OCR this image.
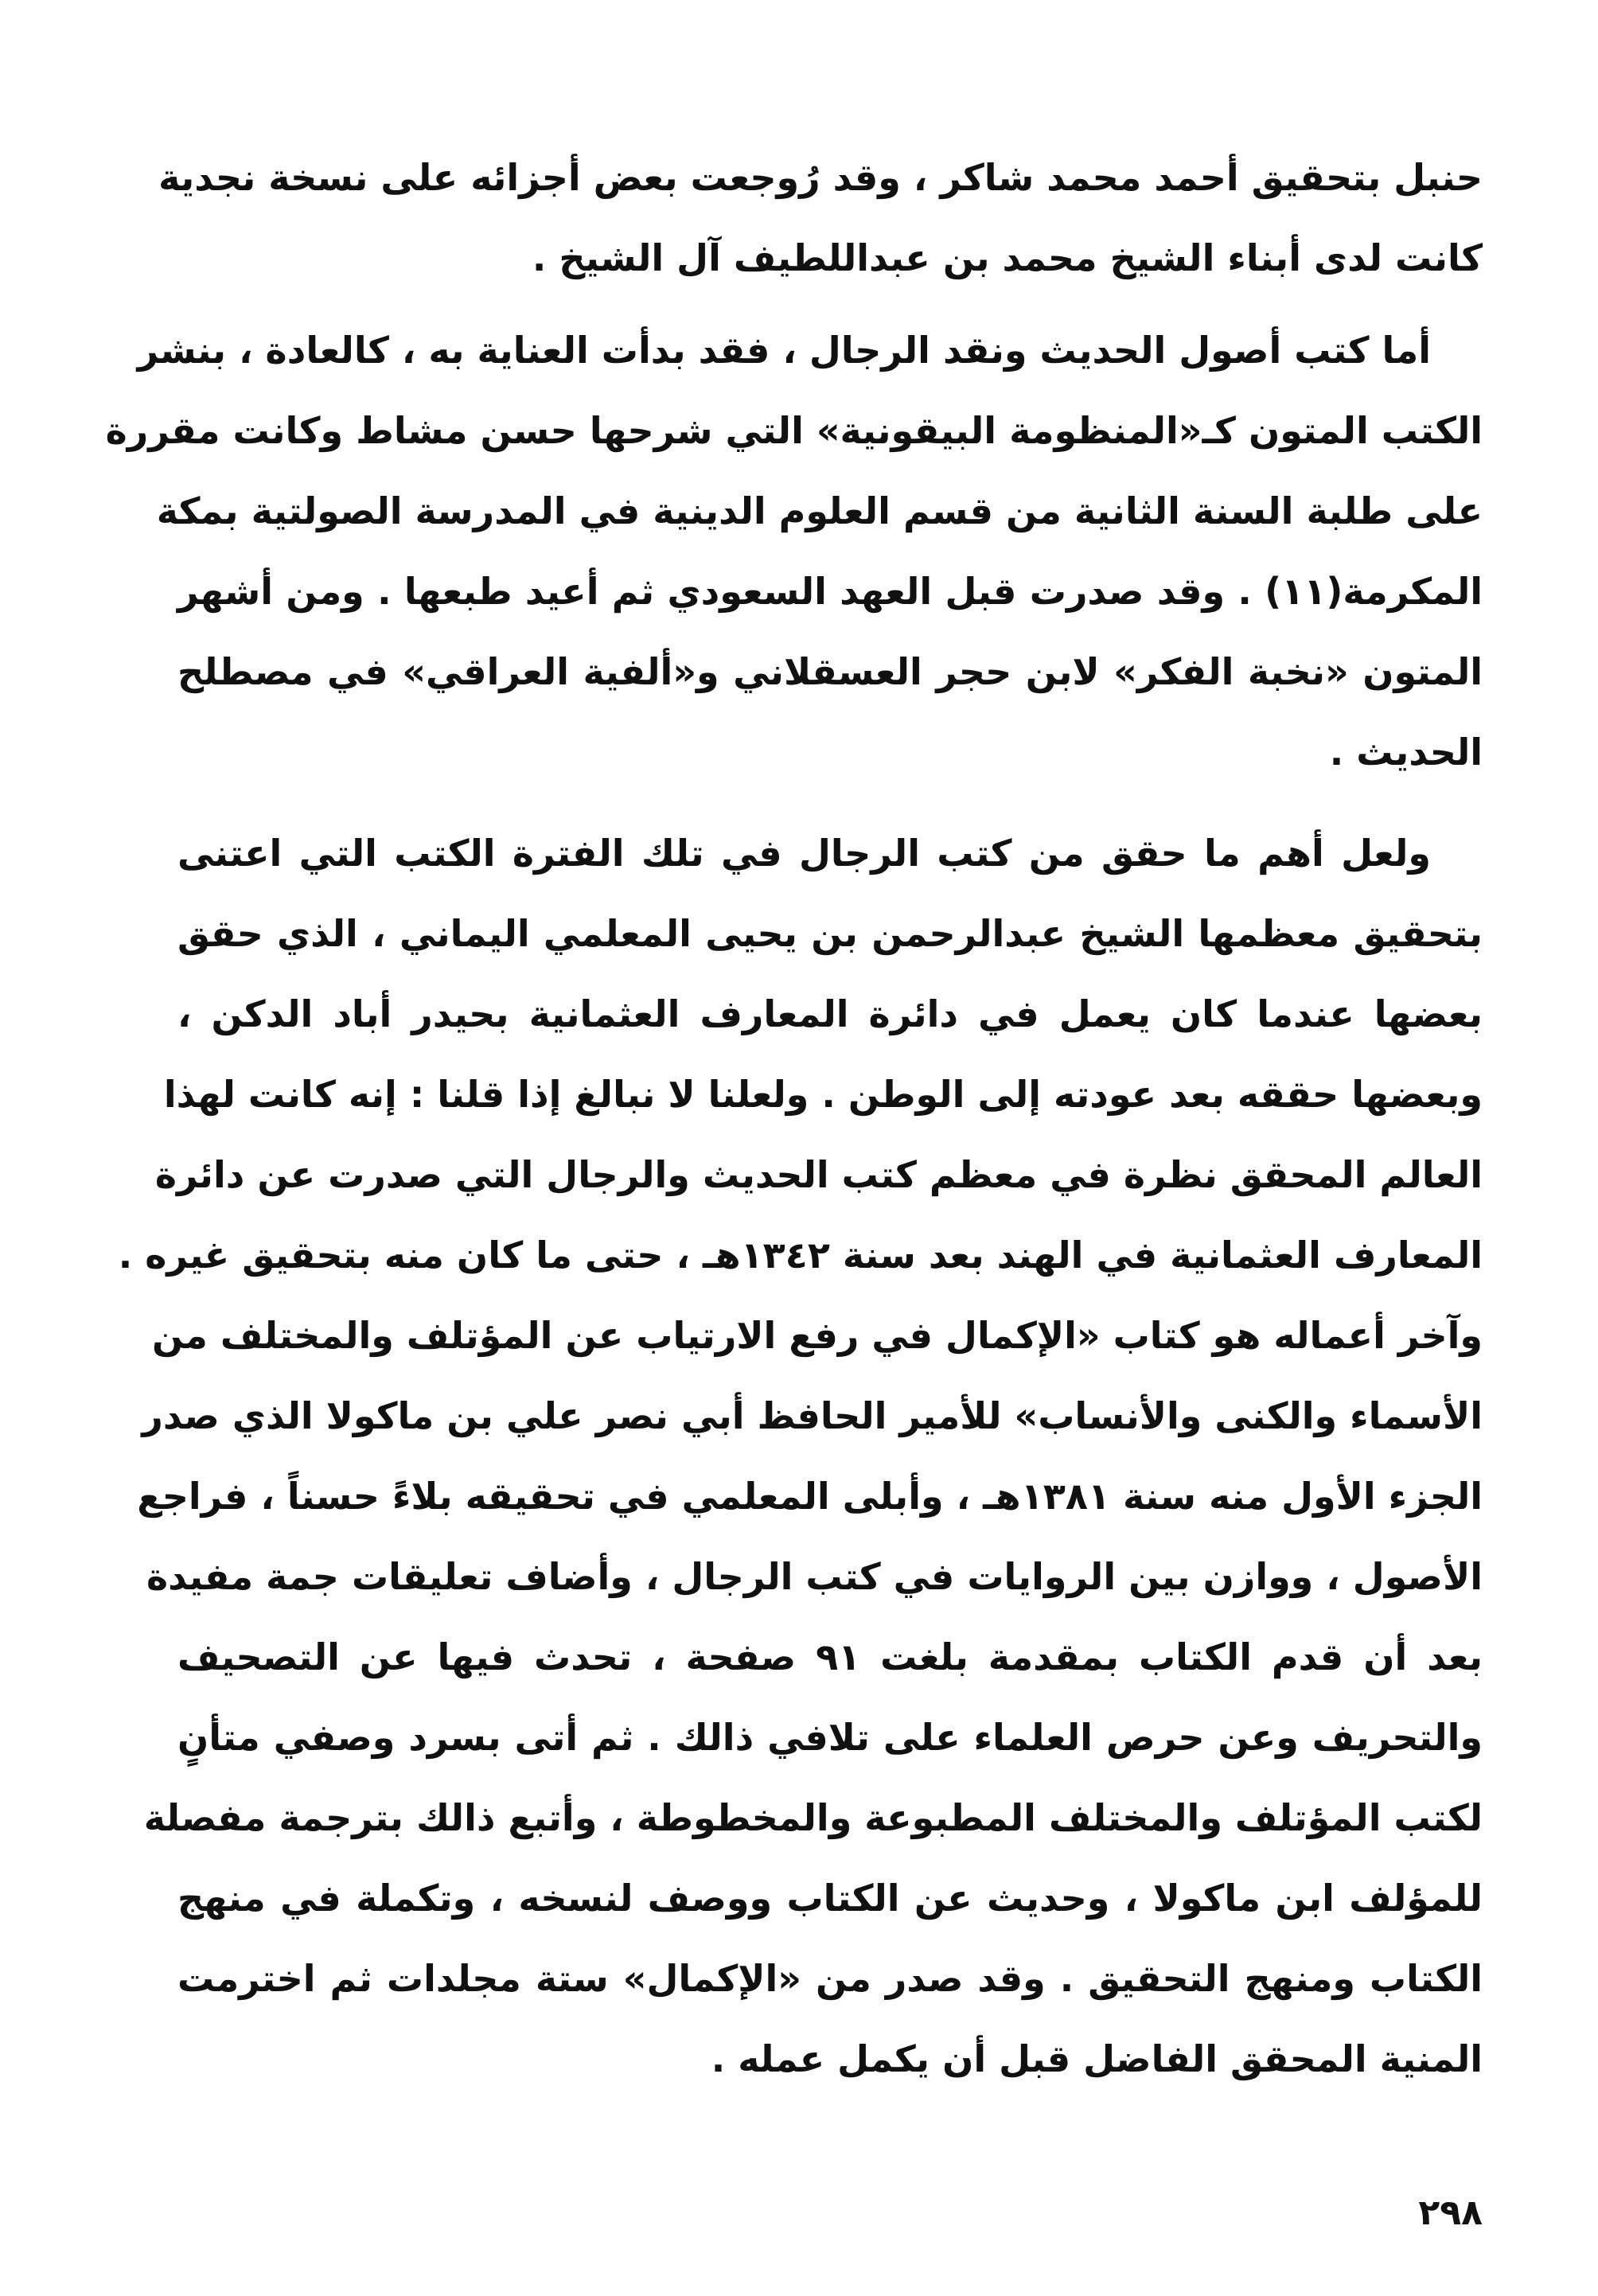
حنبل بتحقيق أحمد محمد شاكر ، وقد رُوجعت بعض أجزائه على نسخة نجدية
كانت لدى أبناء الشيخ محمد بن عبداللطيف آل الشيخ .
أما كتب أصول الحديث ونقد الرجال ، فقد بدأت العناية به ، كالعادة ، بنشر
الكتب المتون كـ«المنظومة البيقونية» التي شرحها حسن مشاط وكانت مقررة
على طلبة السنة الثانية من قسم العلوم الدينية في المدرسة الصولتية بمكة
المكرمة(١١) . وقد صدرت قبل العهد السعودي ثم أعيد طبعها . ومن أشهر
المتون «نخبة الفكر» لابن حجر العسقلاني و«ألفية العراقي» في مصطلح
الحديث .
ولعل أهم ما حقق من كتب الرجال في تلك الفترة الكتب التي اعتنى
بتحقيق معظمها الشيخ عبدالرحمن بن يحيى المعلمي اليماني ، الذي حقق
بعضها عندما كان يعمل في دائرة المعارف العثمانية بحيدر أباد الدكن ،
وبعضها حققه بعد عودته إلى الوطن . ولعلنا لا نبالغ إذا قلنا : إنه كانت لهذا
العالم المحقق نظرة في معظم كتب الحديث والرجال التي صدرت عن دائرة
المعارف العثمانية في الهند بعد سنة ١٣٤٢هـ ، حتى ما كان منه بتحقيق غيره .
وآخر أعماله هو كتاب «الإكمال في رفع الارتياب عن المؤتلف والمختلف من
الأسماء والكنى والأنساب» للأمير الحافظ أبي نصر علي بن ماكولا الذي صدر
الجزء الأول منه سنة ١٣٨١هـ ، وأبلى المعلمي في تحقيقه بلاءً حسناً ، فراجع
الأصول ، ووازن بين الروايات في كتب الرجال ، وأضاف تعليقات جمة مفيدة
بعد أن قدم الكتاب بمقدمة بلغت ٩١ صفحة ، تحدث فيها عن التصحيف
والتحريف وعن حرص العلماء على تلافي ذالك . ثم أتى بسرد وصفي متأنٍ
لكتب المؤتلف والمختلف المطبوعة والمخطوطة ، وأتبع ذالك بترجمة مفصلة
للمؤلف ابن ماكولا ، وحديث عن الكتاب ووصف لنسخه ، وتكملة في منهج
الكتاب ومنهج التحقيق . وقد صدر من «الإكمال» ستة مجلدات ثم اخترمت
المنية المحقق الفاضل قبل أن يكمل عمله .
٢٩٨
